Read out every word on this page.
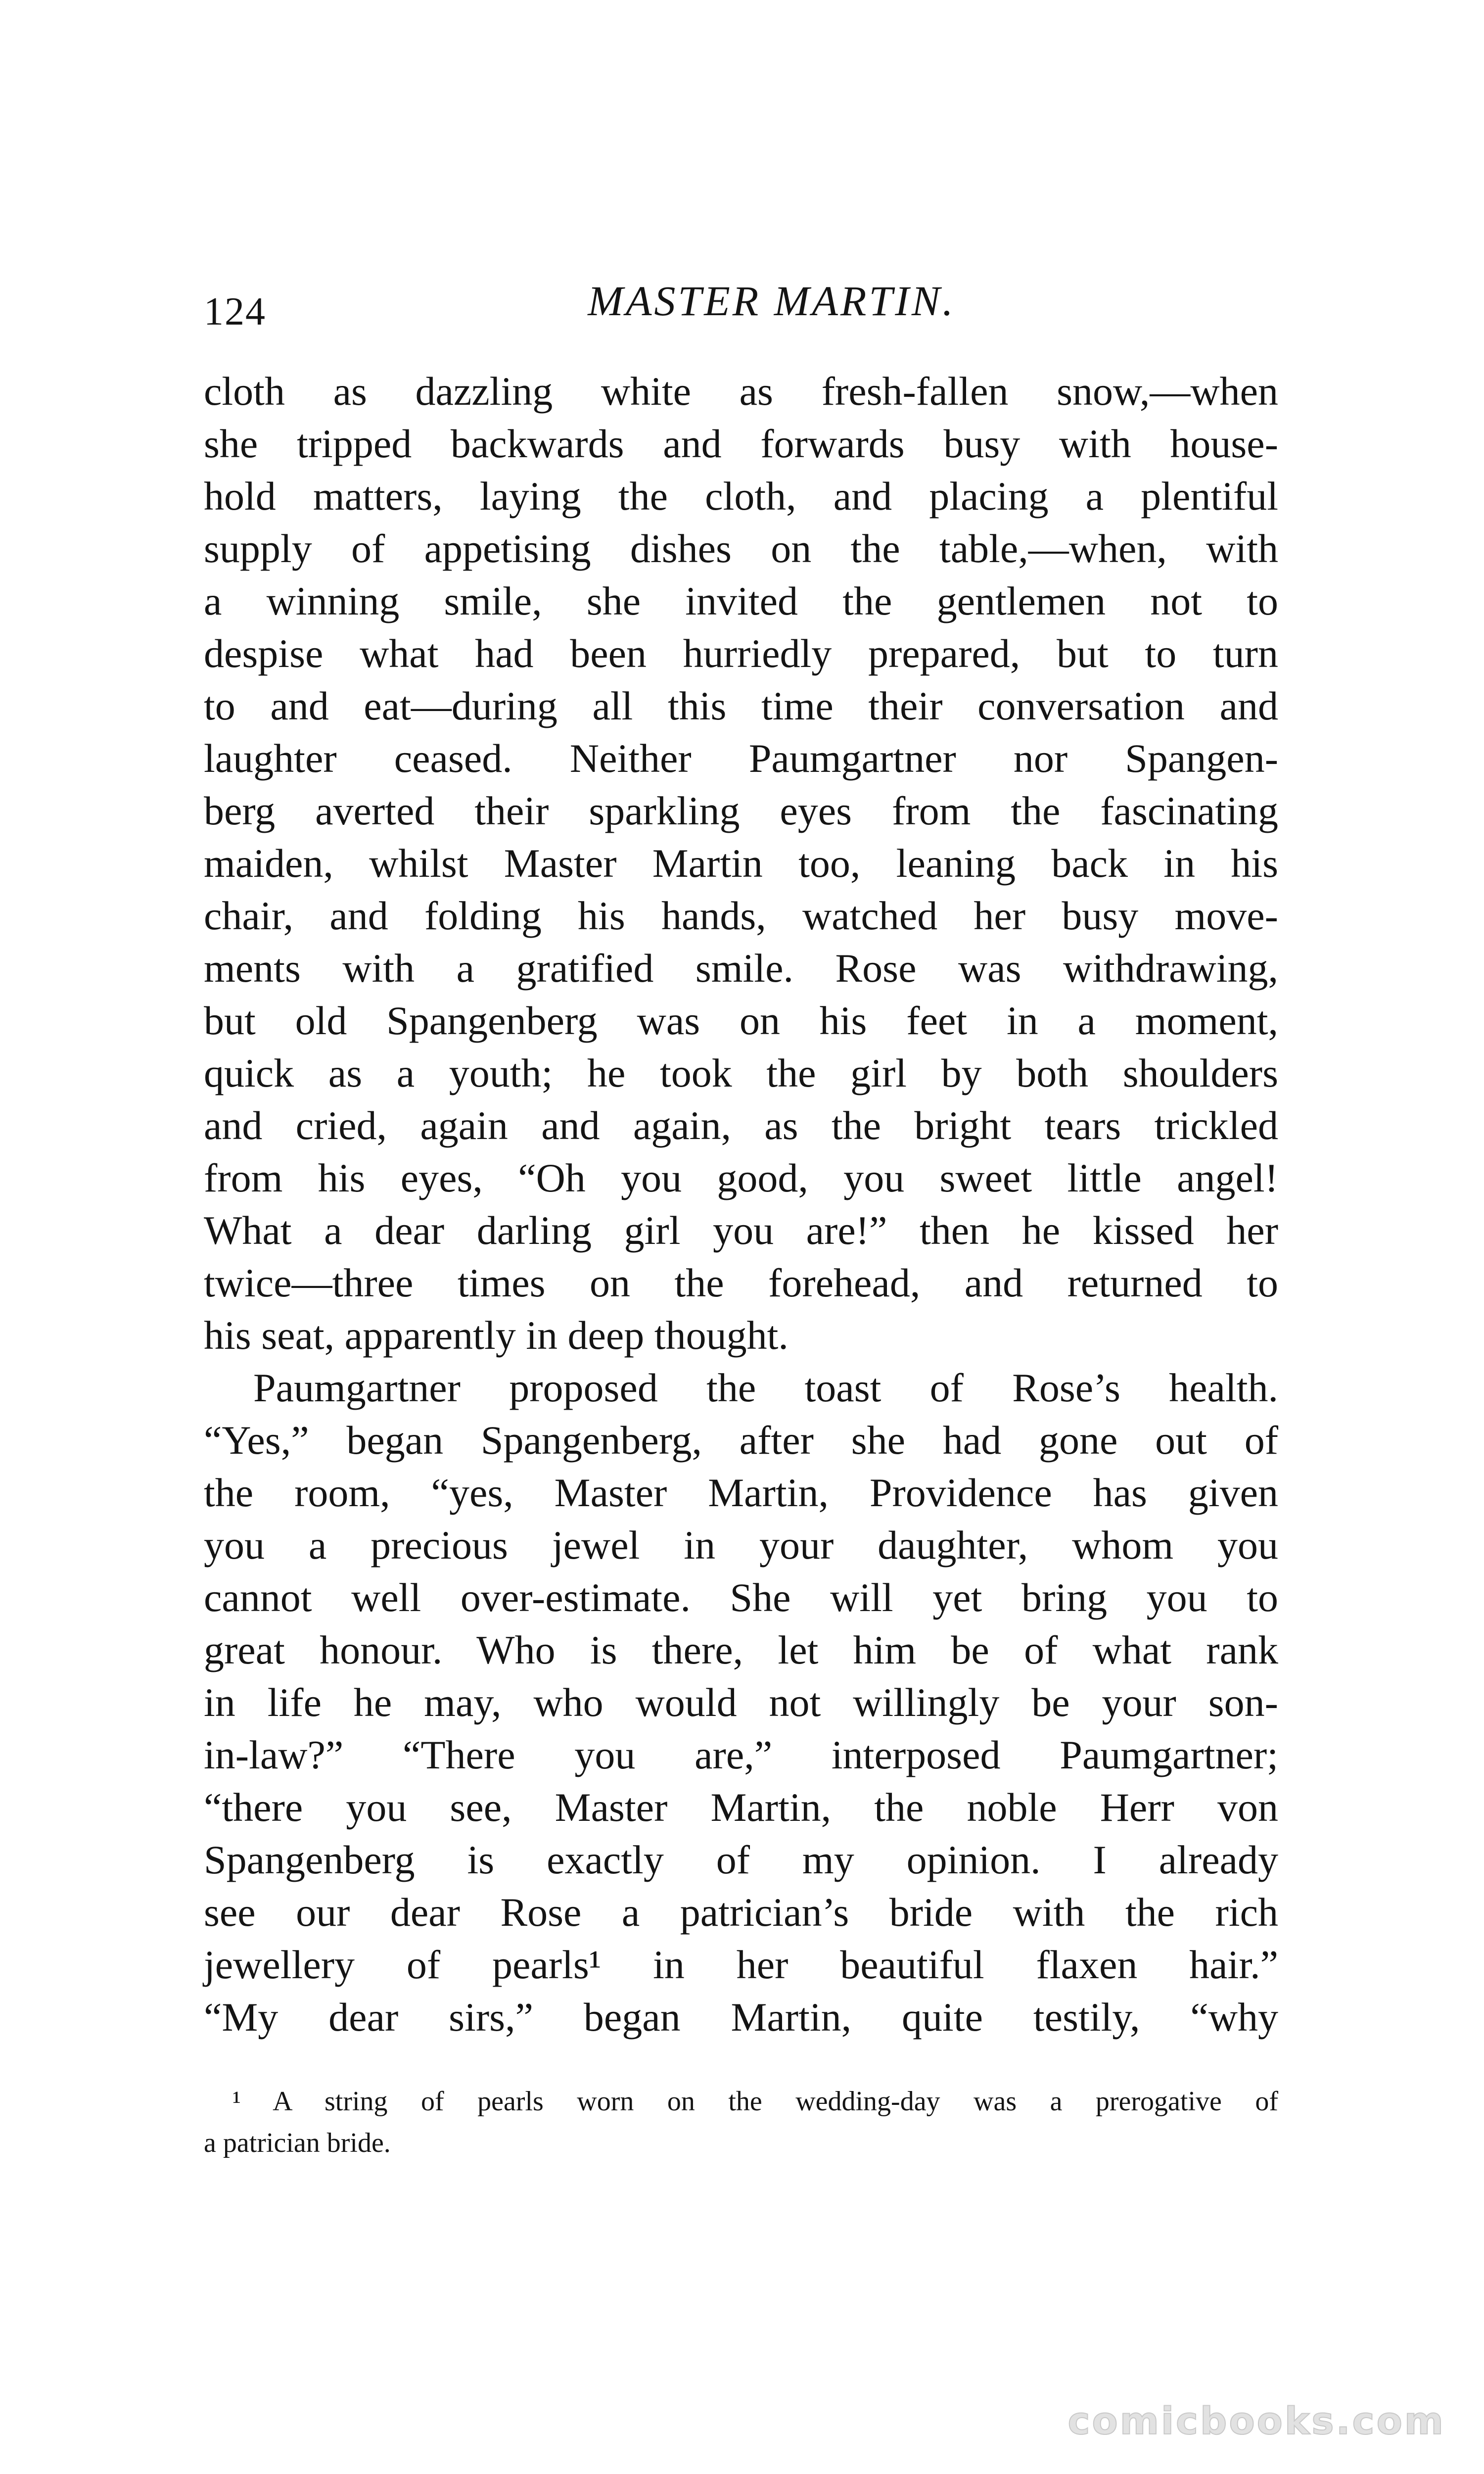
124	MASTER MARTIN.
cloth as dazzling white as fresh-fallen snow,—when
she tripped backwards and forwards busy with house-
hold matters, laying the cloth, and placing a plentiful
supply of appetising dishes on the table,—when, with
a winning smile, she invited the gentlemen not to
despise what had been hurriedly prepared, but to turn
to and eat—during all this time their conversation and
laughter ceased. Neither Paumgartner nor Spangen-
berg averted their sparkling eyes from the fascinating
maiden, whilst Master Martin too, leaning back in his
chair, and folding his hands, watched her busy move-
ments with a gratified smile. Rose was withdrawing,
but old Spangenberg was on his feet in a moment,
quick as a youth; he took the girl by both shoulders
and cried, again and again, as the bright tears trickled
from his eyes, “Oh you good, you sweet little angel!
What a dear darling girl you are!” then he kissed her
twice—three times on the forehead, and returned to
his seat, apparently in deep thought.
Paumgartner proposed the toast of Rose’s health.
“Yes,” began Spangenberg, after she had gone out of
the room, “yes, Master Martin, Providence has given
you a precious jewel in your daughter, whom you
cannot well over-estimate. She will yet bring you to
great honour. Who is there, let him be of what rank
in life he may, who would not willingly be your son-
in-law?” “There you are,” interposed Paumgartner;
“there you see, Master Martin, the noble Herr von
Spangenberg is exactly of my opinion. I already
see our dear Rose a patrician’s bride with the rich
jewellery of pearls¹ in her beautiful flaxen hair.”
“My dear sirs,” began Martin, quite testily, “why
¹ A string of pearls worn on the wedding-day was a prerogative of
a patrician bride.
comicbooks.com
